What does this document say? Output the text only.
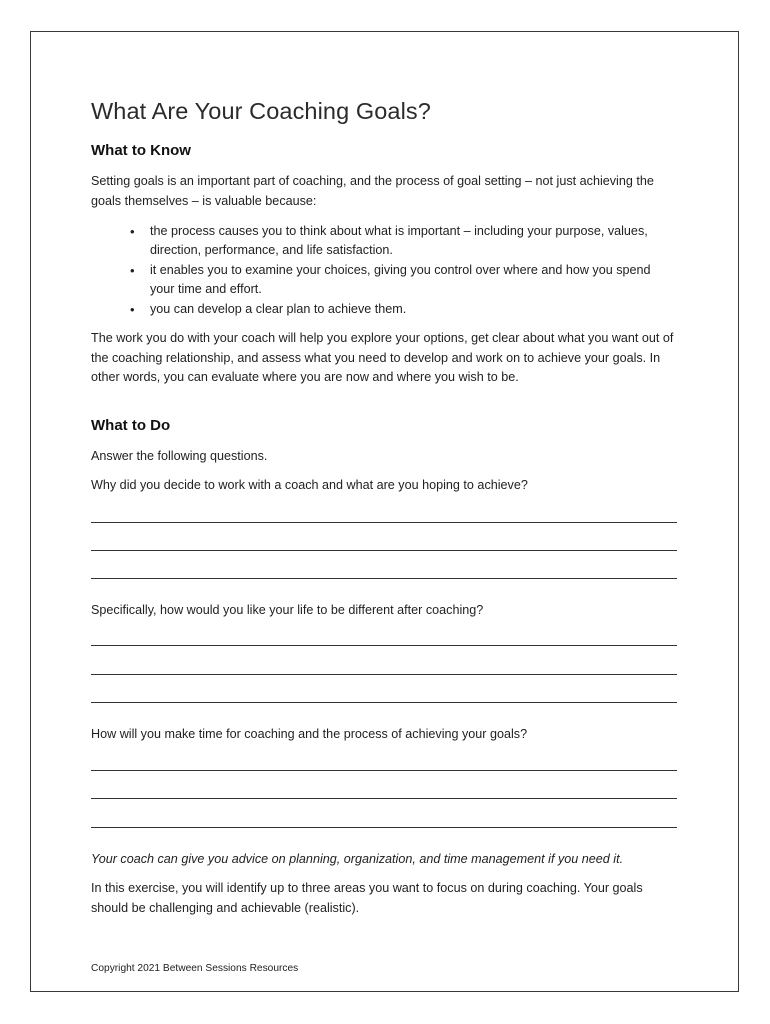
What Are Your Coaching Goals?
What to Know

Setting goals is an important part of coaching, and the process of goal setting – not just achieving the goals themselves – is valuable because:

• the process causes you to think about what is important – including your purpose, values, direction, performance, and life satisfaction.
• it enables you to examine your choices, giving you control over where and how you spend your time and effort.
• you can develop a clear plan to achieve them.

The work you do with your coach will help you explore your options, get clear about what you want out of the coaching relationship, and assess what you need to develop and work on to achieve your goals. In other words, you can evaluate where you are now and where you wish to be.

What to Do

Answer the following questions.

Why did you decide to work with a coach and what are you hoping to achieve?

Specifically, how would you like your life to be different after coaching?

How will you make time for coaching and the process of achieving your goals?

Your coach can give you advice on planning, organization, and time management if you need it.

In this exercise, you will identify up to three areas you want to focus on during coaching. Your goals should be challenging and achievable (realistic).

Copyright 2021 Between Sessions Resources
